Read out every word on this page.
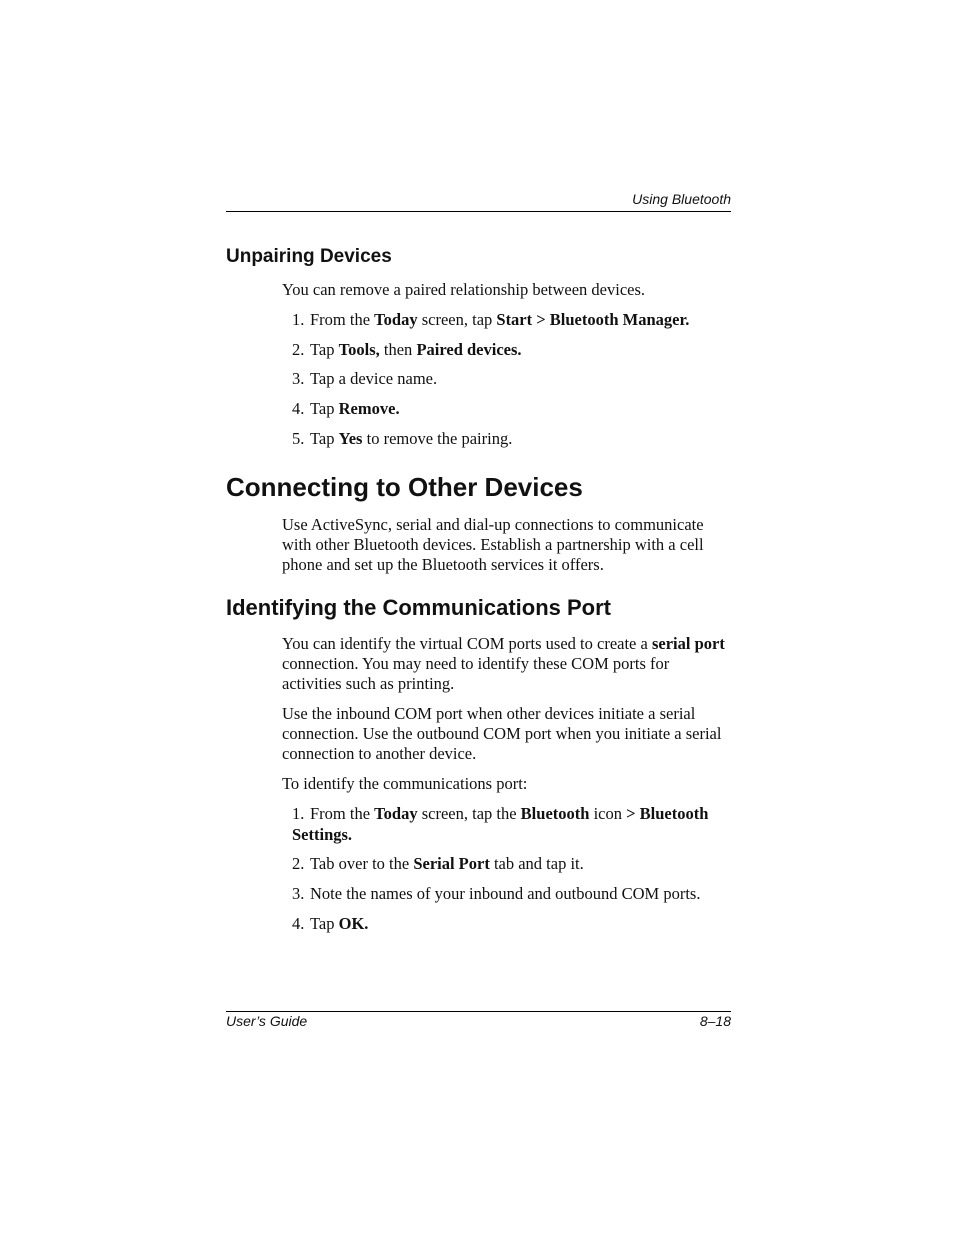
Using Bluetooth
Unpairing Devices

You can remove a paired relationship between devices.

1. From the Today screen, tap Start > Bluetooth Manager.
2. Tap Tools, then Paired devices.
3. Tap a device name.
4. Tap Remove.
5. Tap Yes to remove the pairing.
Connecting to Other Devices

Use ActiveSync, serial and dial-up connections to communicate with other Bluetooth devices. Establish a partnership with a cell phone and set up the Bluetooth services it offers.

Identifying the Communications Port

You can identify the virtual COM ports used to create a serial port connection. You may need to identify these COM ports for activities such as printing.

Use the inbound COM port when other devices initiate a serial connection. Use the outbound COM port when you initiate a serial connection to another device.

To identify the communications port:

1. From the Today screen, tap the Bluetooth icon > Bluetooth Settings.
2. Tab over to the Serial Port tab and tap it.
3. Note the names of your inbound and outbound COM ports.
4. Tap OK.
User’s Guide	8–18
